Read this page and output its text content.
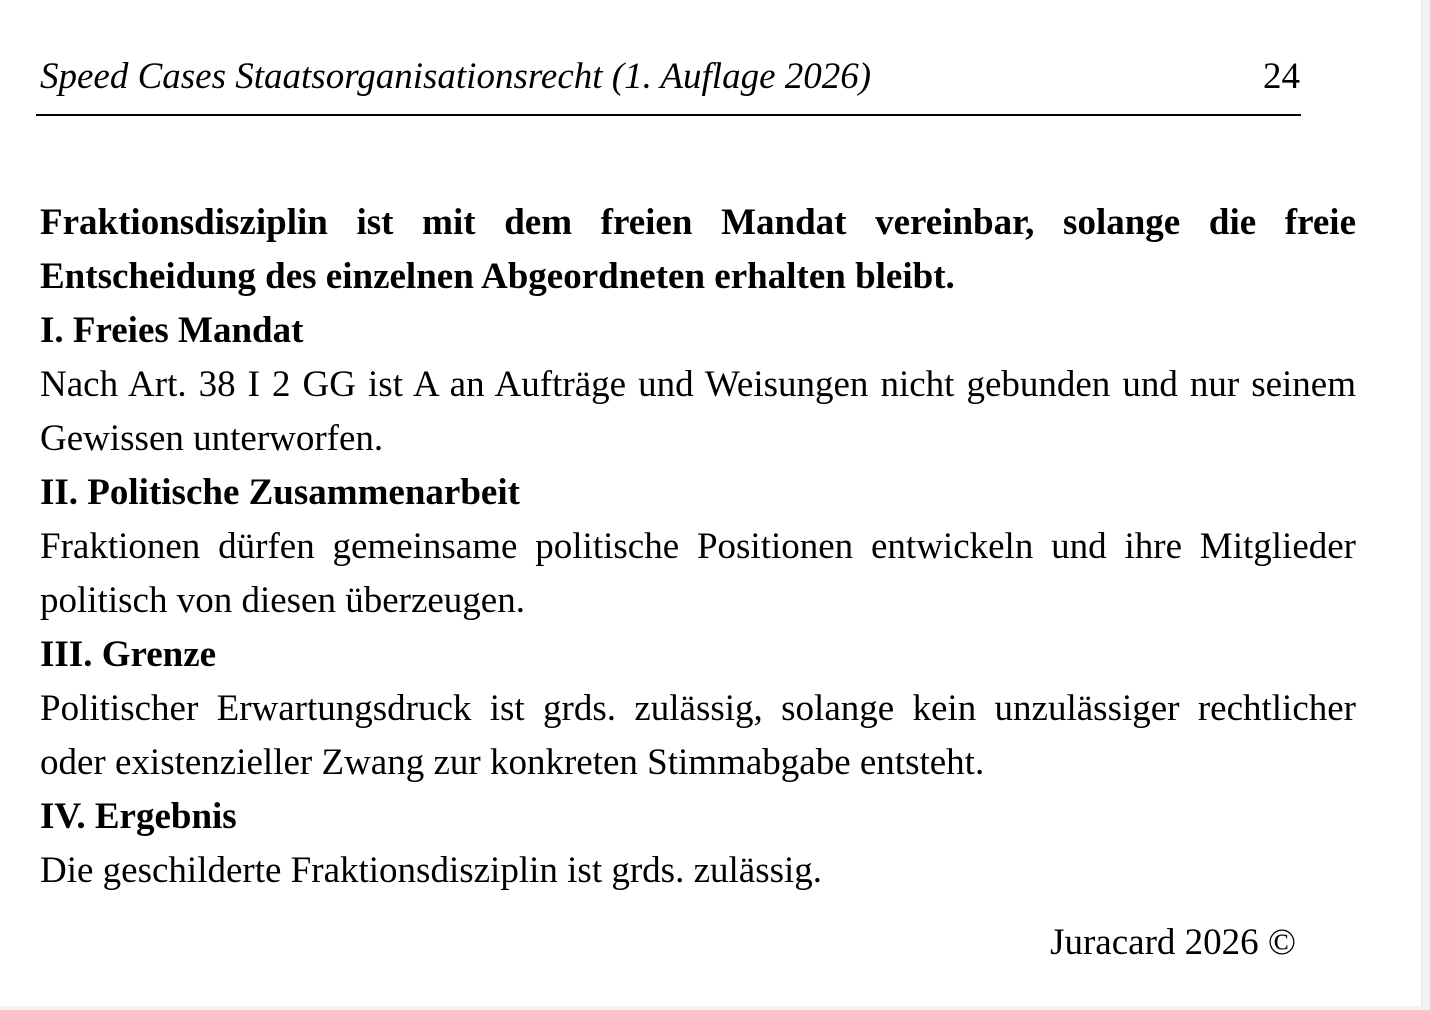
Speed Cases Staatsorganisationsrecht (1. Auflage 2026)	24

Fraktionsdisziplin ist mit dem freien Mandat vereinbar, solange die freie Entscheidung des einzelnen Abgeordneten erhalten bleibt.

I. Freies Mandat

Nach Art. 38 I 2 GG ist A an Aufträge und Weisungen nicht gebunden und nur seinem Gewissen unterworfen.

II. Politische Zusammenarbeit

Fraktionen dürfen gemeinsame politische Positionen entwickeln und ihre Mitglieder politisch von diesen überzeugen.

III. Grenze

Politischer Erwartungsdruck ist grds. zulässig, solange kein unzulässiger rechtlicher oder existenzieller Zwang zur konkreten Stimmabgabe entsteht.

IV. Ergebnis

Die geschilderte Fraktionsdisziplin ist grds. zulässig.

Juracard 2026 ©
